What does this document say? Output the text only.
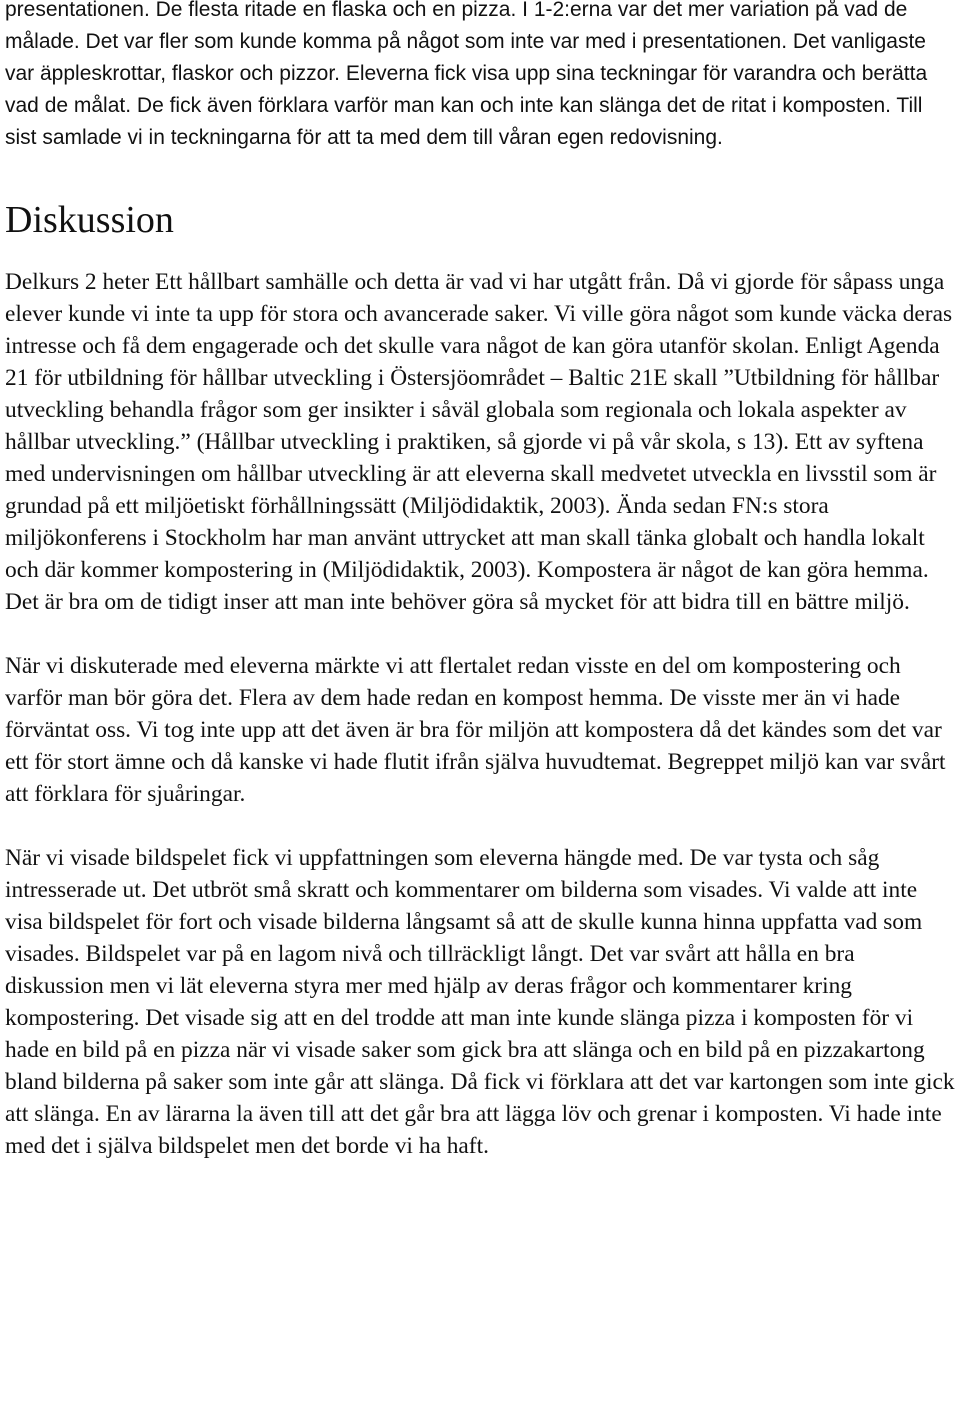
presentationen. De flesta ritade en flaska och en pizza. I 1-2:erna var det mer variation på vad de målade. Det var fler som kunde komma på något som inte var med i presentationen. Det vanligaste var äppleskrottar, flaskor och pizzor. Eleverna fick visa upp sina teckningar för varandra och berätta vad de målat. De fick även förklara varför man kan och inte kan slänga det de ritat i komposten. Till sist samlade vi in teckningarna för att ta med dem till våran egen redovisning.

Diskussion

Delkurs 2 heter Ett hållbart samhälle och detta är vad vi har utgått från. Då vi gjorde för såpass unga elever kunde vi inte ta upp för stora och avancerade saker. Vi ville göra något som kunde väcka deras intresse och få dem engagerade och det skulle vara något de kan göra utanför skolan. Enligt Agenda 21 för utbildning för hållbar utveckling i Östersjöområdet – Baltic 21E skall ”Utbildning för hållbar utveckling behandla frågor som ger insikter i såväl globala som regionala och lokala aspekter av hållbar utveckling.” (Hållbar utveckling i praktiken, så gjorde vi på vår skola, s 13). Ett av syftena med undervisningen om hållbar utveckling är att eleverna skall medvetet utveckla en livsstil som är grundad på ett miljöetiskt förhållningssätt (Miljödidaktik, 2003). Ända sedan FN:s stora miljökonferens i Stockholm har man använt uttrycket att man skall tänka globalt och handla lokalt och där kommer kompostering in (Miljödidaktik, 2003). Kompostera är något de kan göra hemma. Det är bra om de tidigt inser att man inte behöver göra så mycket för att bidra till en bättre miljö.

När vi diskuterade med eleverna märkte vi att flertalet redan visste en del om kompostering och varför man bör göra det. Flera av dem hade redan en kompost hemma. De visste mer än vi hade förväntat oss. Vi tog inte upp att det även är bra för miljön att kompostera då det kändes som det var ett för stort ämne och då kanske vi hade flutit ifrån själva huvudtemat. Begreppet miljö kan var svårt att förklara för sjuåringar.

När vi visade bildspelet fick vi uppfattningen som eleverna hängde med. De var tysta och såg intresserade ut. Det utbröt små skratt och kommentarer om bilderna som visades. Vi valde att inte visa bildspelet för fort och visade bilderna långsamt så att de skulle kunna hinna uppfatta vad som visades. Bildspelet var på en lagom nivå och tillräckligt långt. Det var svårt att hålla en bra diskussion men vi lät eleverna styra mer med hjälp av deras frågor och kommentarer kring kompostering. Det visade sig att en del trodde att man inte kunde slänga pizza i komposten för vi hade en bild på en pizza när vi visade saker som gick bra att slänga och en bild på en pizzakartong bland bilderna på saker som inte går att slänga. Då fick vi förklara att det var kartongen som inte gick att slänga. En av lärarna la även till att det går bra att lägga löv och grenar i komposten. Vi hade inte med det i själva bildspelet men det borde vi ha haft.
